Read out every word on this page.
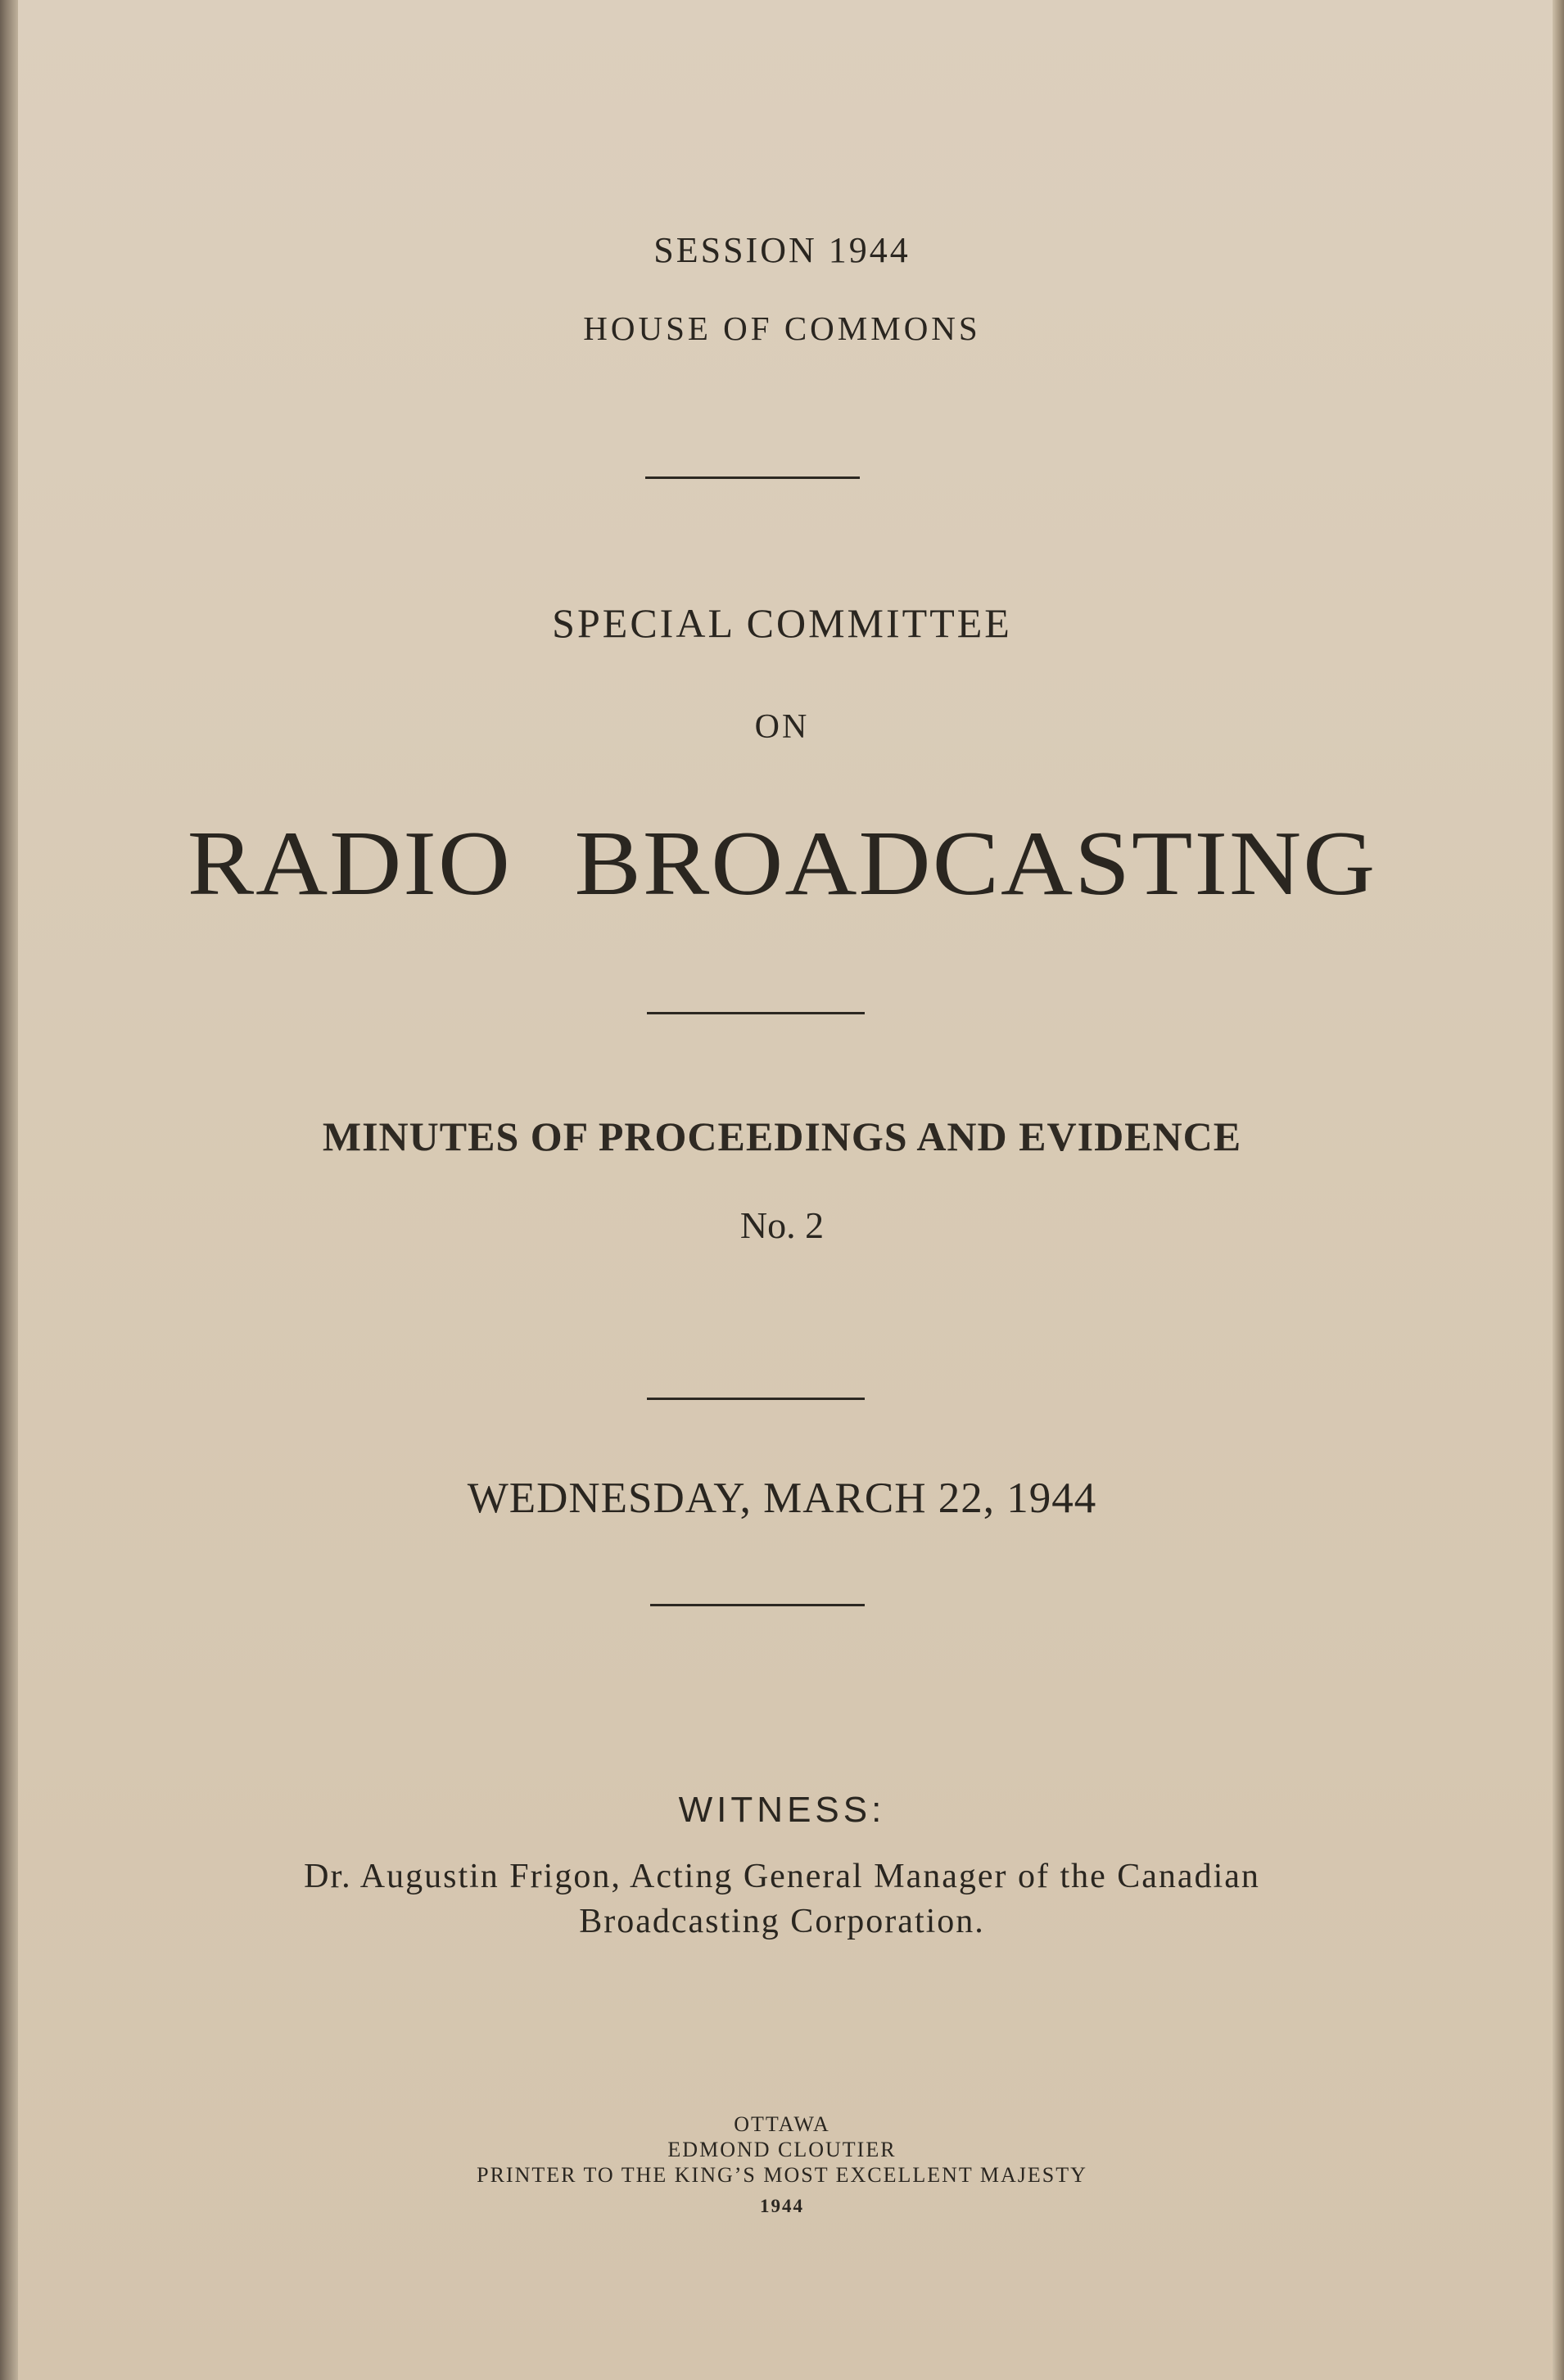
SESSION 1944
HOUSE OF COMMONS
SPECIAL COMMITTEE
ON
RADIO BROADCASTING
MINUTES OF PROCEEDINGS AND EVIDENCE
No. 2
WEDNESDAY, MARCH 22, 1944
WITNESS:
Dr. Augustin Frigon, Acting General Manager of the Canadian
Broadcasting Corporation.
OTTAWA
EDMOND CLOUTIER
PRINTER TO THE KING’S MOST EXCELLENT MAJESTY
1944
